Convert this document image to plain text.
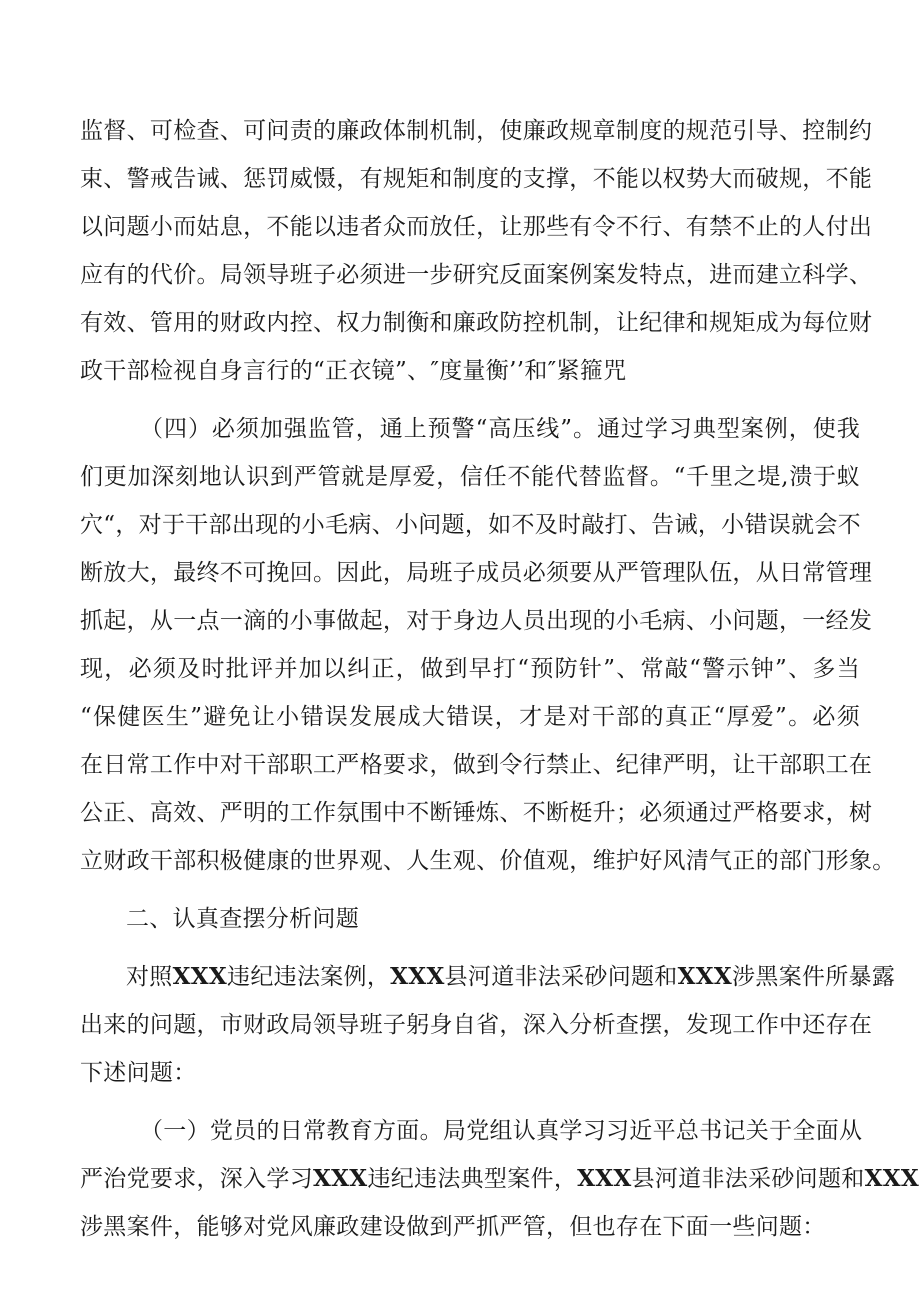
监督、可检查、可问责的廉政体制机制，使廉政规章制度的规范引导、控制约
束、警戒告诫、惩罚威慑，有规矩和制度的支撑，不能以权势大而破规，不能
以问题小而姑息，不能以违者众而放任，让那些有令不行、有禁不止的人付出
应有的代价。局领导班子必须进一步研究反面案例案发特点，进而建立科学、
有效、管用的财政内控、权力制衡和廉政防控机制，让纪律和规矩成为每位财
政干部检视自身言行的“正衣镜”、″度量衡’’和″紧箍咒
（四）必须加强监管，通上预警“高压线”。通过学习典型案例，使我
们更加深刻地认识到严管就是厚爱，信任不能代替监督。“千里之堤,溃于蚁
穴“，对于干部出现的小毛病、小问题，如不及时敲打、告诫，小错误就会不
断放大，最终不可挽回。因此，局班子成员必须要从严管理队伍，从日常管理
抓起，从一点一滴的小事做起，对于身边人员出现的小毛病、小问题，一经发
现，必须及时批评并加以纠正，做到早打“预防针”、常敲“警示钟”、多当
“保健医生”避免让小错误发展成大错误，才是对干部的真正“厚爱”。必须
在日常工作中对干部职工严格要求，做到令行禁止、纪律严明，让干部职工在
公正、高效、严明的工作氛围中不断锤炼、不断梃升；必须通过严格要求，树
立财政干部积极健康的世界观、人生观、价值观，维护好风清气正的部门形象。
二、认真查摆分析问题
对照XXX违纪违法案例，XXX县河道非法采砂问题和XXX涉黑案件所暴露
出来的问题，市财政局领导班子躬身自省，深入分析查摆，发现工作中还存在
下述问题：
（一）党员的日常教育方面。局党组认真学习习近平总书记关于全面从
严治党要求，深入学习XXX违纪违法典型案件，XXX县河道非法采砂问题和XXX
涉黑案件，能够对党风廉政建设做到严抓严管，但也存在下面一些问题：
